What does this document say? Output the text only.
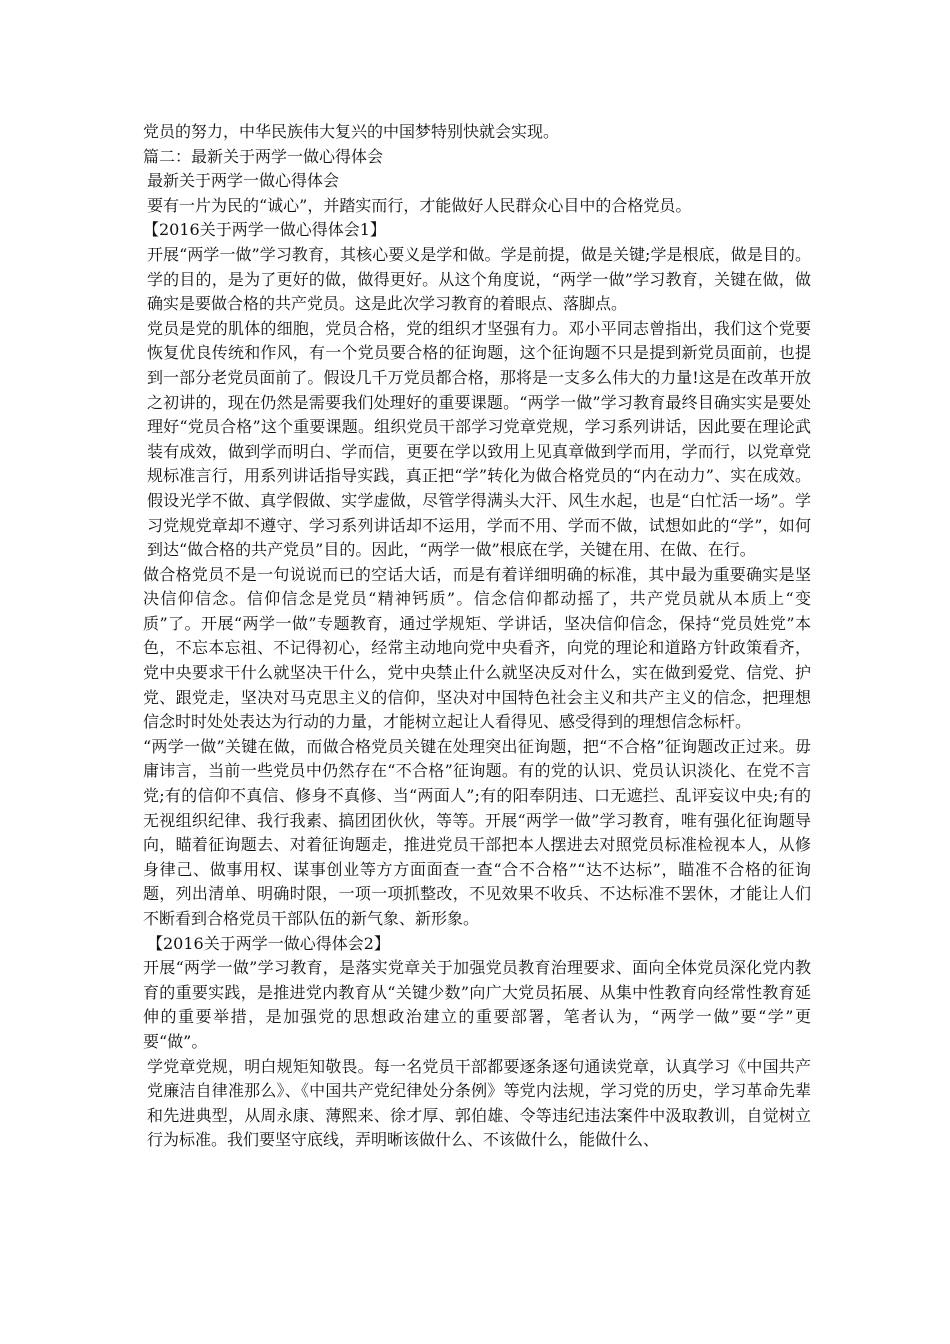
党员的努力，中华民族伟大复兴的中国梦特别快就会实现。

篇二：最新关于两学一做心得体会

最新关于两学一做心得体会

要有一片为民的“诚心”，并踏实而行，才能做好人民群众心目中的合格党员。

【2016关于两学一做心得体会1】

开展“两学一做”学习教育，其核心要义是学和做。学是前提，做是关键;学是根底，做是目的。学的目的，是为了更好的做，做得更好。从这个角度说，“两学一做”学习教育，关键在做，做确实是要做合格的共产党员。这是此次学习教育的着眼点、落脚点。

党员是党的肌体的细胞，党员合格，党的组织才坚强有力。邓小平同志曾指出，我们这个党要恢复优良传统和作风，有一个党员要合格的征询题，这个征询题不只是提到新党员面前，也提到一部分老党员面前了。假设几千万党员都合格，那将是一支多么伟大的力量!这是在改革开放之初讲的，现在仍然是需要我们处理好的重要课题。“两学一做”学习教育最终目确实实是要处理好“党员合格”这个重要课题。组织党员干部学习党章党规，学习系列讲话，因此要在理论武装有成效，做到学而明白、学而信，更要在学以致用上见真章做到学而用，学而行，以党章党规标准言行，用系列讲话指导实践，真正把“学”转化为做合格党员的“内在动力”、实在成效。假设光学不做、真学假做、实学虚做，尽管学得满头大汗、风生水起，也是“白忙活一场”。学习党规党章却不遵守、学习系列讲话却不运用，学而不用、学而不做，试想如此的“学”，如何到达“做合格的共产党员”目的。因此，“两学一做”根底在学，关键在用、在做、在行。

做合格党员不是一句说说而已的空话大话，而是有着详细明确的标准，其中最为重要确实是坚决信仰信念。信仰信念是党员“精神钙质”。信念信仰都动摇了，共产党员就从本质上“变质”了。开展“两学一做”专题教育，通过学规矩、学讲话，坚决信仰信念，保持“党员姓党”本色，不忘本忘祖、不记得初心，经常主动地向党中央看齐，向党的理论和道路方针政策看齐，党中央要求干什么就坚决干什么，党中央禁止什么就坚决反对什么，实在做到爱党、信党、护党、跟党走，坚决对马克思主义的信仰，坚决对中国特色社会主义和共产主义的信念，把理想信念时时处处表达为行动的力量，才能树立起让人看得见、感受得到的理想信念标杆。

“两学一做”关键在做，而做合格党员关键在处理突出征询题，把“不合格”征询题改正过来。毋庸讳言，当前一些党员中仍然存在“不合格”征询题。有的党的认识、党员认识淡化、在党不言党;有的信仰不真信、修身不真修、当“两面人”;有的阳奉阴违、口无遮拦、乱评妄议中央;有的无视组织纪律、我行我素、搞团团伙伙，等等。开展“两学一做”学习教育，唯有强化征询题导向，瞄着征询题去、对着征询题走，推进党员干部把本人摆进去对照党员标准检视本人，从修身律己、做事用权、谋事创业等方方面面查一查“合不合格”“达不达标”，瞄准不合格的征询题，列出清单、明确时限，一项一项抓整改，不见效果不收兵、不达标准不罢休，才能让人们不断看到合格党员干部队伍的新气象、新形象。

【2016关于两学一做心得体会2】

开展“两学一做”学习教育，是落实党章关于加强党员教育治理要求、面向全体党员深化党内教育的重要实践，是推进党内教育从“关键少数”向广大党员拓展、从集中性教育向经常性教育延伸的重要举措，是加强党的思想政治建立的重要部署，笔者认为，“两学一做”要“学”更要“做”。

学党章党规，明白规矩知敬畏。每一名党员干部都要逐条逐句通读党章，认真学习《中国共产党廉洁自律准那么》、《中国共产党纪律处分条例》等党内法规，学习党的历史，学习革命先辈和先进典型，从周永康、薄熙来、徐才厚、郭伯雄、令等违纪违法案件中汲取教训，自觉树立行为标准。我们要坚守底线，弄明晰该做什么、不该做什么，能做什么、
